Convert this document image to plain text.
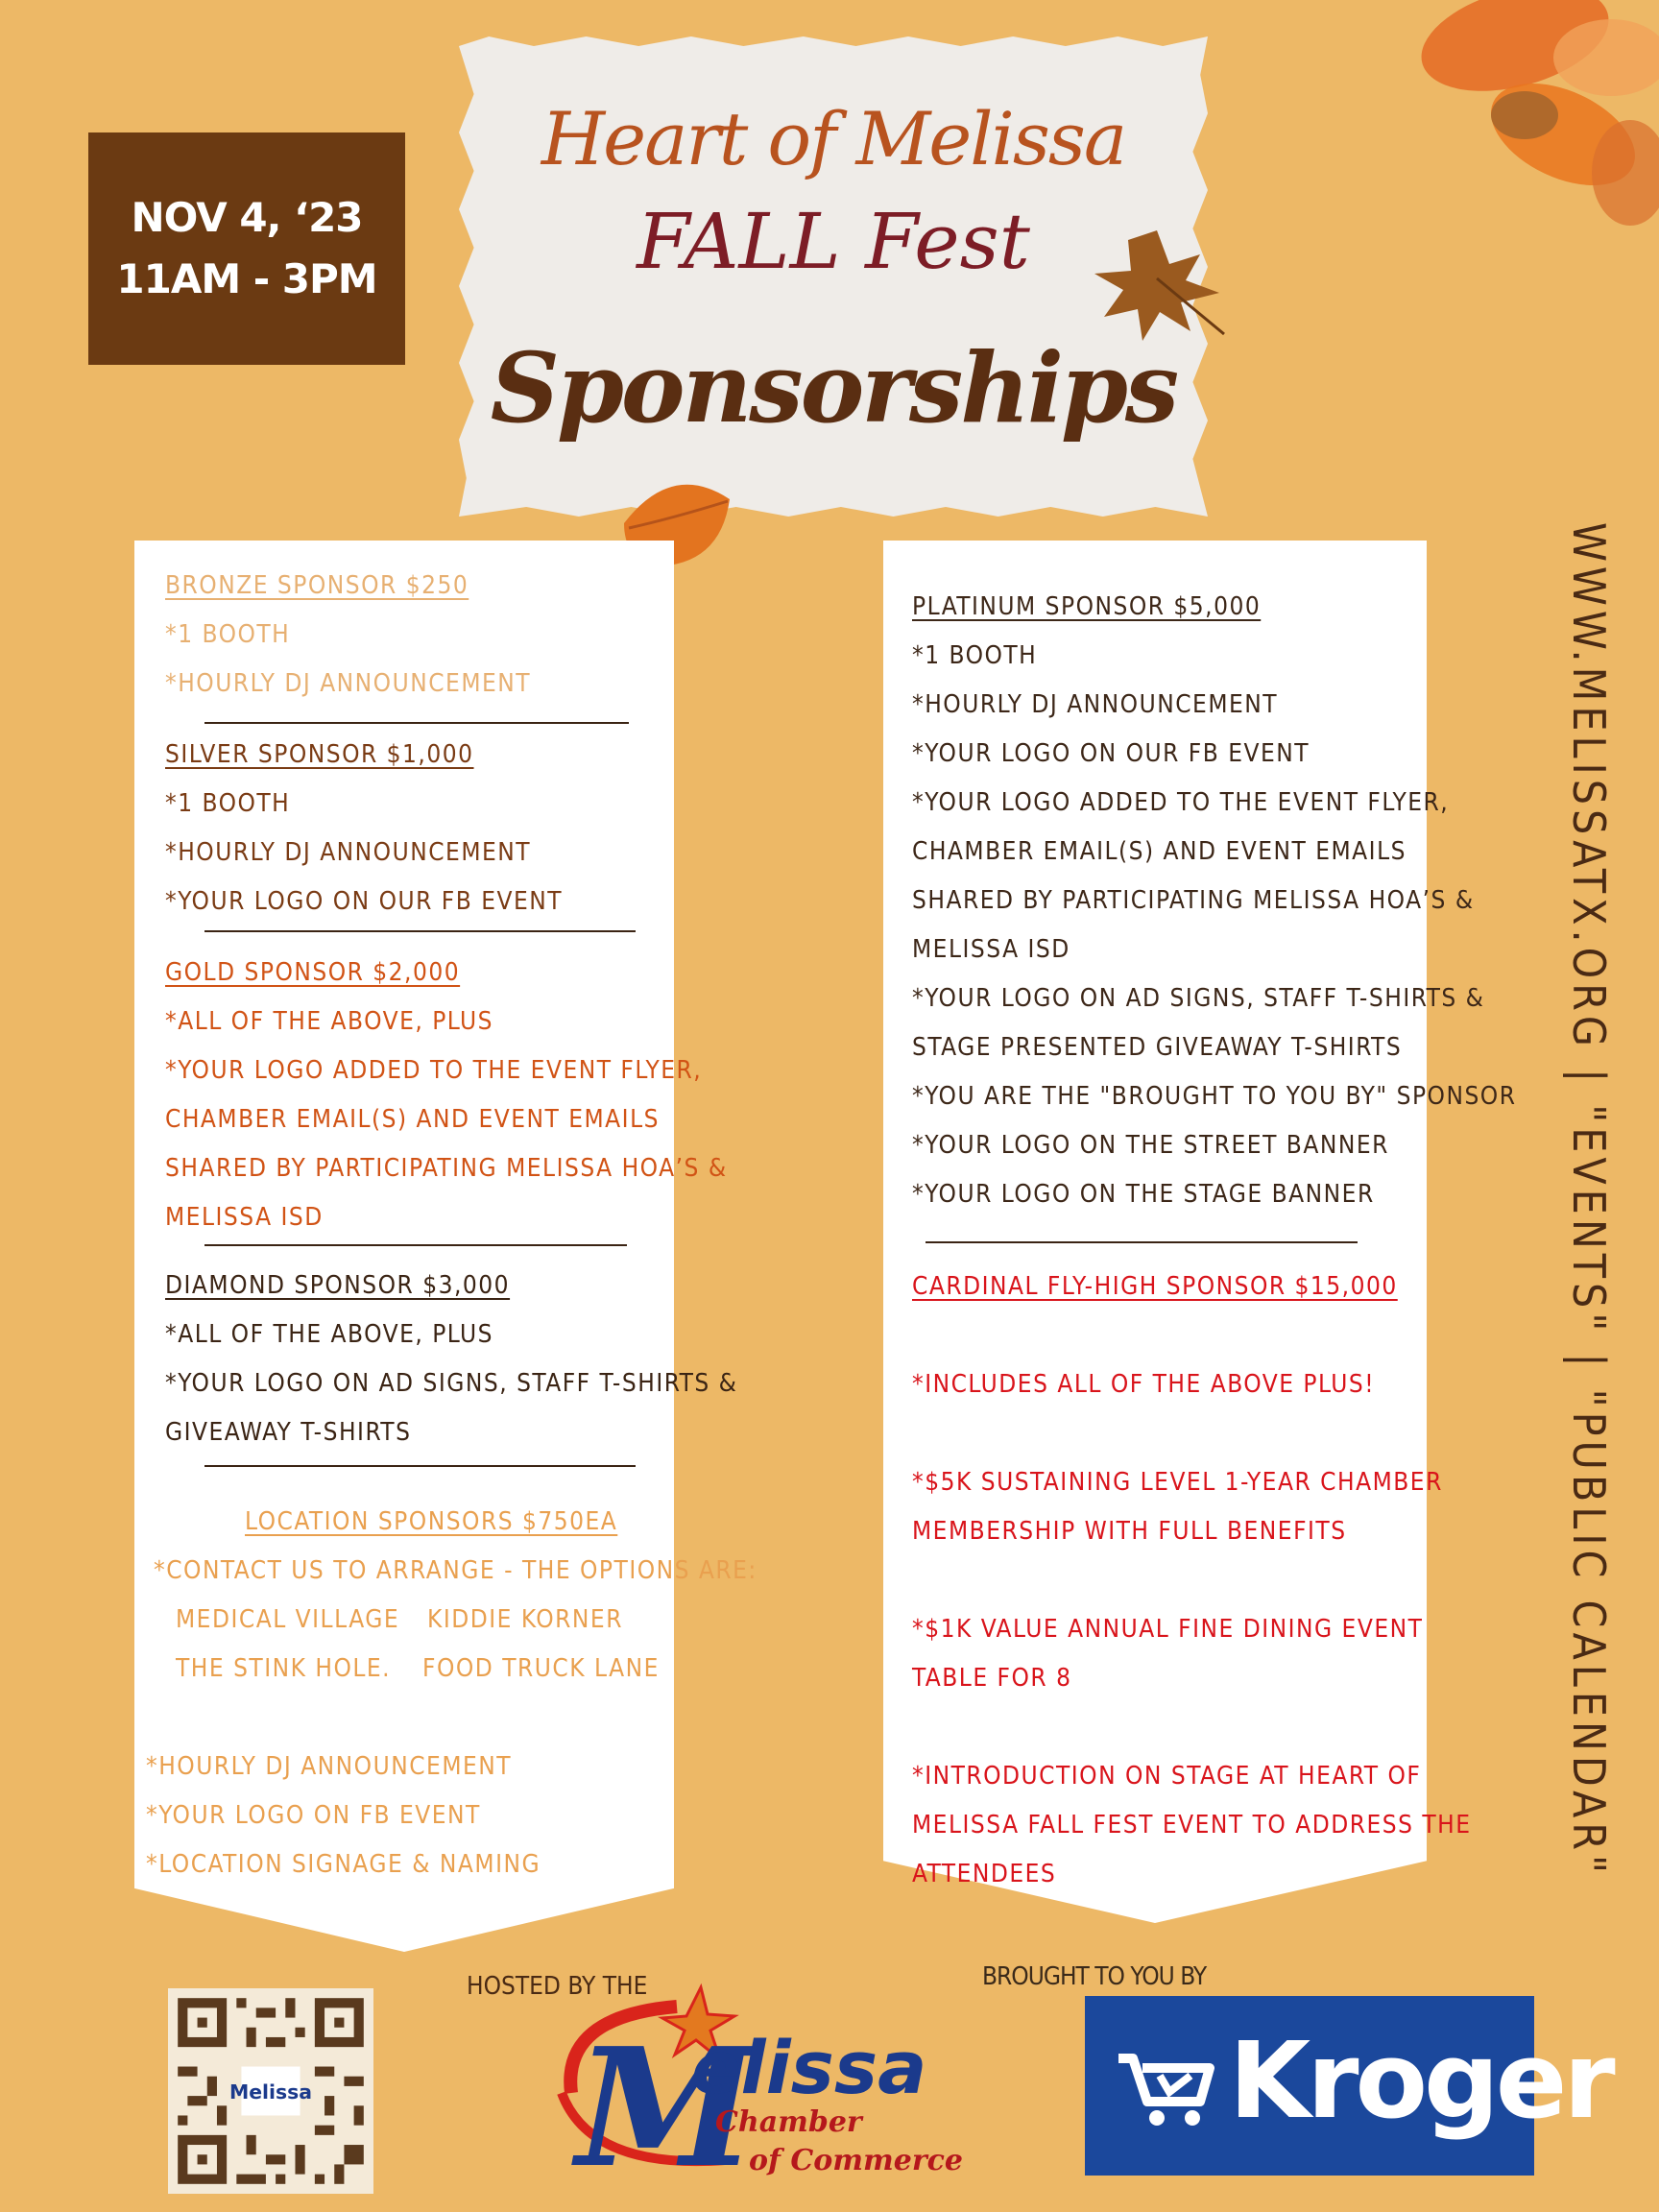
NOV 4, ‘23
11AM - 3PM
Heart of Melissa
FALL Fest
Sponsorships
BRONZE SPONSOR $250
*1 BOOTH
*HOURLY DJ ANNOUNCEMENT
SILVER SPONSOR $1,000
*1 BOOTH
*HOURLY DJ ANNOUNCEMENT
*YOUR LOGO ON OUR FB EVENT
GOLD SPONSOR $2,000
*ALL OF THE ABOVE, PLUS
*YOUR LOGO ADDED TO THE EVENT FLYER,
CHAMBER EMAIL(S) AND EVENT EMAILS
SHARED BY PARTICIPATING MELISSA HOA’S &
MELISSA ISD
DIAMOND SPONSOR $3,000
*ALL OF THE ABOVE, PLUS
*YOUR LOGO ON AD SIGNS, STAFF T-SHIRTS &
GIVEAWAY T-SHIRTS
LOCATION SPONSORS $750EA
*CONTACT US TO ARRANGE - THE OPTIONS ARE:
MEDICAL VILLAGE KIDDIE KORNER
THE STINK HOLE. FOOD TRUCK LANE
*HOURLY DJ ANNOUNCEMENT
*YOUR LOGO ON FB EVENT
*LOCATION SIGNAGE & NAMING
PLATINUM SPONSOR $5,000
*1 BOOTH
*HOURLY DJ ANNOUNCEMENT
*YOUR LOGO ON OUR FB EVENT
*YOUR LOGO ADDED TO THE EVENT FLYER,
CHAMBER EMAIL(S) AND EVENT EMAILS
SHARED BY PARTICIPATING MELISSA HOA’S &
MELISSA ISD
*YOUR LOGO ON AD SIGNS, STAFF T-SHIRTS &
STAGE PRESENTED GIVEAWAY T-SHIRTS
*YOU ARE THE "BROUGHT TO YOU BY" SPONSOR
*YOUR LOGO ON THE STREET BANNER
*YOUR LOGO ON THE STAGE BANNER
CARDINAL FLY-HIGH SPONSOR $15,000
*INCLUDES ALL OF THE ABOVE PLUS!
*$5K SUSTAINING LEVEL 1-YEAR CHAMBER
MEMBERSHIP WITH FULL BENEFITS
*$1K VALUE ANNUAL FINE DINING EVENT
TABLE FOR 8
*INTRODUCTION ON STAGE AT HEART OF
MELISSA FALL FEST EVENT TO ADDRESS THE
ATTENDEES	WWW.MELISSATX.ORG | "EVENTS" | "PUBLIC CALENDAR"
Melissa
HOSTED BY THE
M
elissa
Chamber
of Commerce
BROUGHT TO YOU BY
Kroger
